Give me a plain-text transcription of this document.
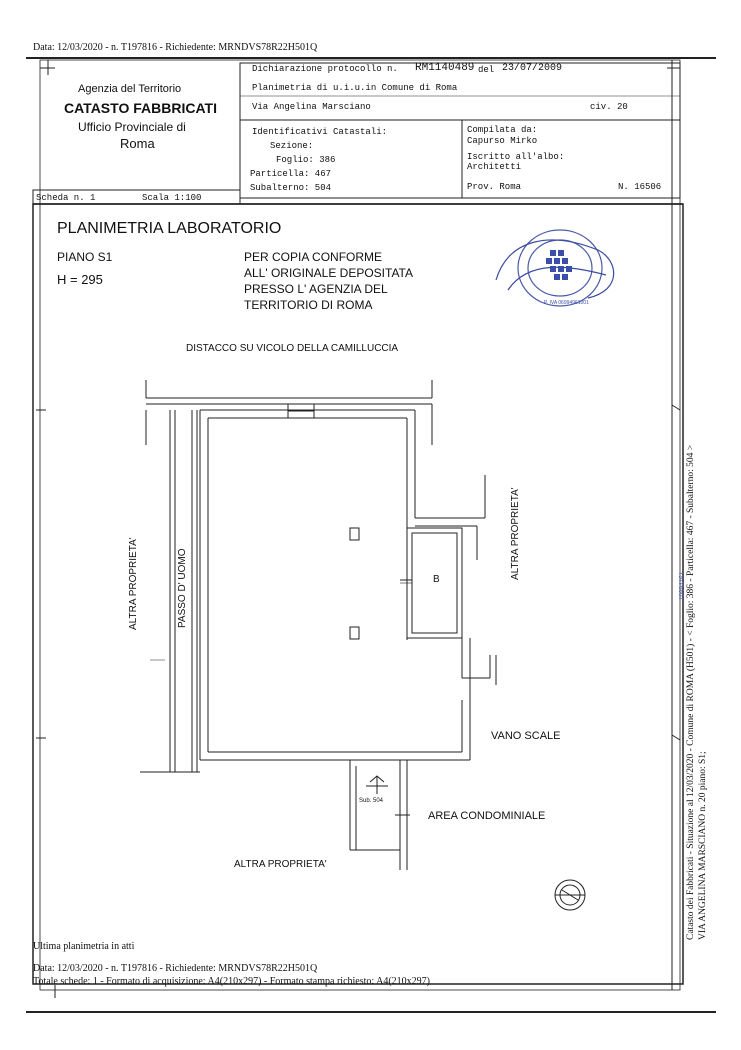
Data: 12/03/2020 - n. T197816 - Richiedente: MRNDVS78R22H501Q
Agenzia del Territorio
CATASTO FABBRICATI
Ufficio Provinciale di
Roma
Dichiarazione protocollo n. RM1140489 del 23/07/2009
Planimetria di u.i.u.in Comune di Roma
Via Angelina Marsciano	civ. 20
Identificativi Catastali:
Sezione:
Foglio: 386
Particella: 467
Subalterno: 504
Compilata da:
Capurso Mirko
Iscritto all'albo:
Architetti
Prov. Roma	N. 16506
Scheda n. 1	Scala 1:100
PLANIMETRIA LABORATORIO
PIANO S1
H = 295
PER COPIA CONFORME
ALL' ORIGINALE DEPOSITATA
PRESSO L' AGENZIA DEL
TERRITORIO DI ROMA	P. IVA 06994961001
DISTACCO SU VICOLO DELLA CAMILLUCCIA
ALTRA PROPRIETA'	PASSO D' UOMO
ALTRA PROPRIETA'
B
VANO SCALE
Sub. 504
AREA CONDOMINIALE
ALTRA PROPRIETA'	Catasto dei Fabbricati - Situazione al 12/03/2020 - Comune di ROMA (H501) - < Foglio: 386 - Particella: 467 - Subalterno: 504 > VIA ANGELINA MARSCIANO n. 20 piano: S1;
10994161
Ultima planimetria in atti
Data: 12/03/2020 - n. T197816 - Richiedente: MRNDVS78R22H501Q
Totale schede: 1 - Formato di acquisizione: A4(210x297) - Formato stampa richiesto: A4(210x297)
